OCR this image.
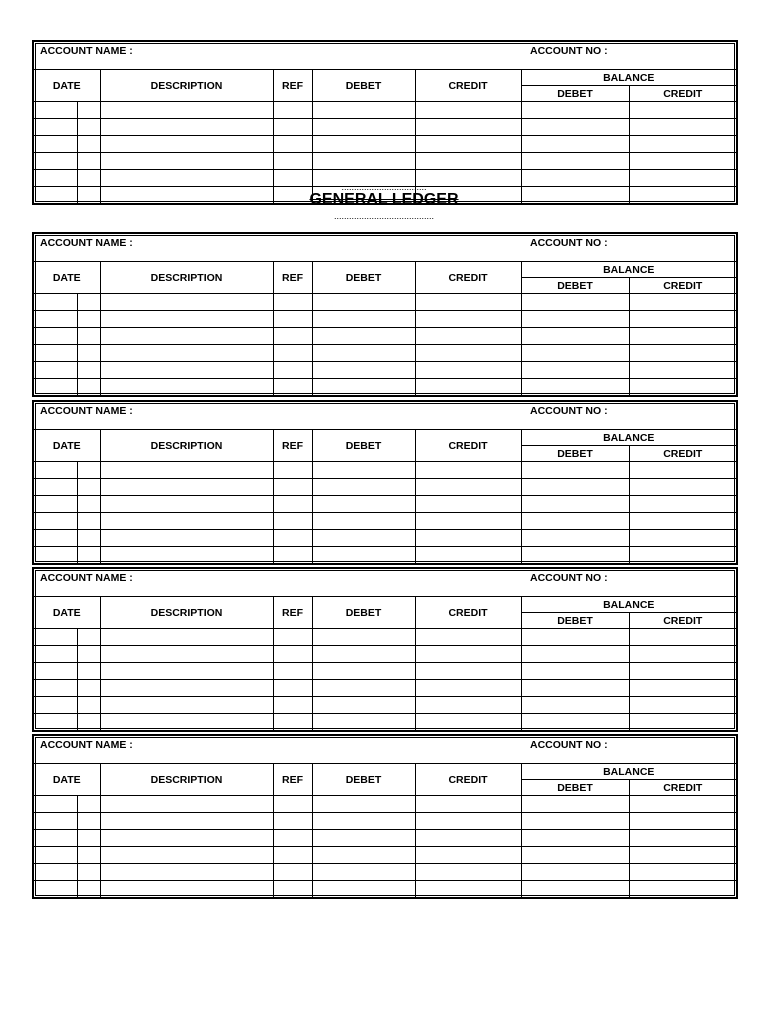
ACCOUNT NAME :	ACCOUNT NO :
DATE		DESCRIPTION	REF	DEBET	CREDIT	BALANCE	
						DEBET	CREDIT

ACCOUNT NAME :	ACCOUNT NO :
DATE		DESCRIPTION	REF	DEBET	CREDIT	BALANCE	
						DEBET	CREDIT

ACCOUNT NAME :	ACCOUNT NO :
DATE		DESCRIPTION	REF	DEBET	CREDIT	BALANCE	
						DEBET	CREDIT

ACCOUNT NAME :	ACCOUNT NO :
DATE		DESCRIPTION	REF	DEBET	CREDIT	BALANCE	
						DEBET	CREDIT

ACCOUNT NAME :	ACCOUNT NO :
DATE		DESCRIPTION	REF	DEBET	CREDIT	BALANCE	
						DEBET	CREDIT

..................................
GENERAL LEDGER
........................................
